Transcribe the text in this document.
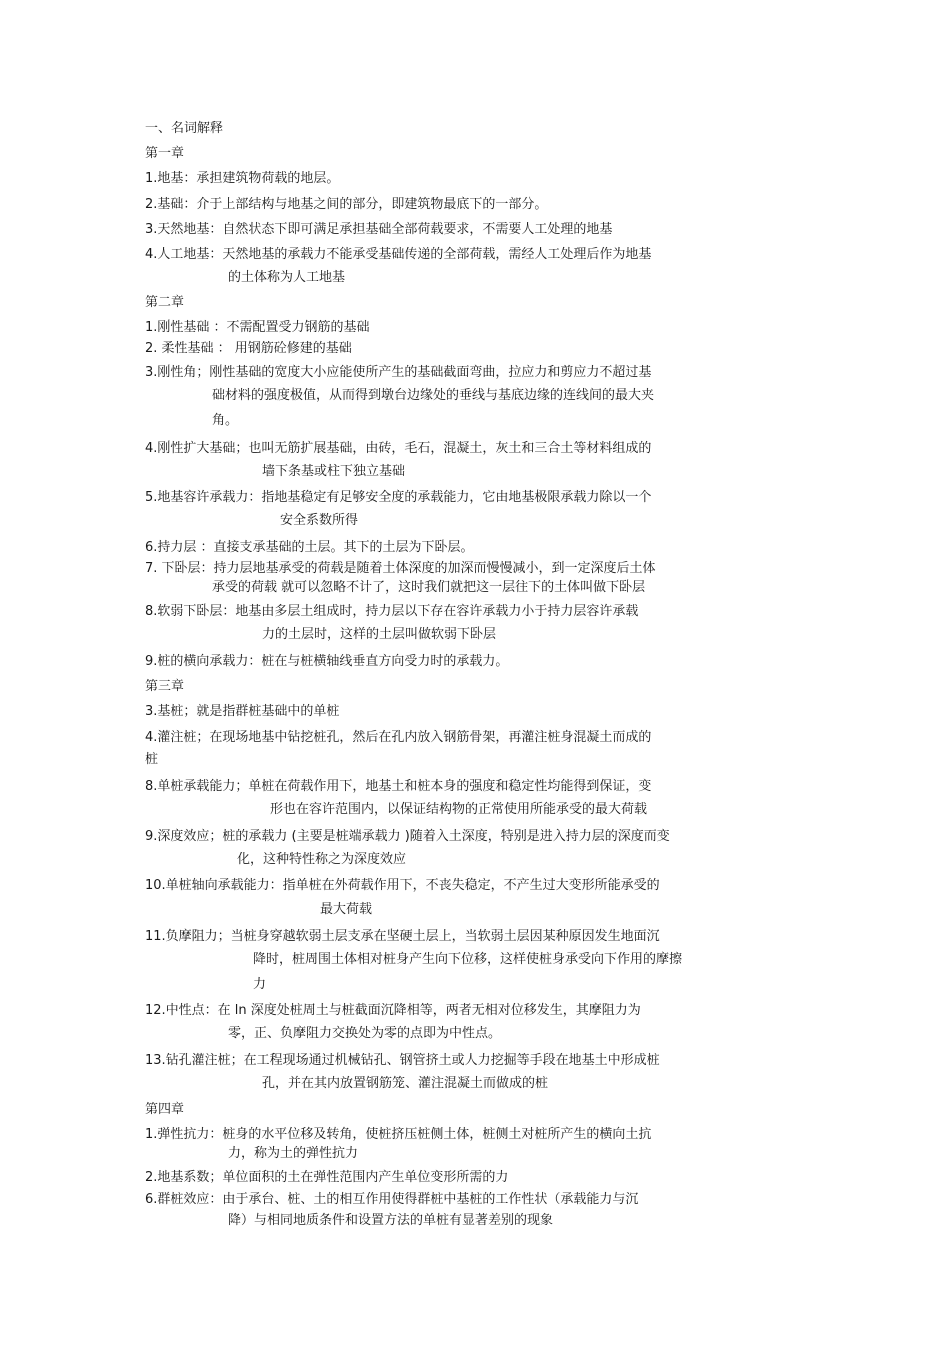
一、名词解释
第一章
1.地基：承担建筑物荷载的地层。
2.基础：介于上部结构与地基之间的部分，即建筑物最底下的一部分。
3.天然地基：自然状态下即可满足承担基础全部荷载要求，不需要人工处理的地基
4.人工地基：天然地基的承载力不能承受基础传递的全部荷载，需经人工处理后作为地基
的土体称为人工地基
第二章
1.刚性基础 ：不需配置受力钢筋的基础
2. 柔性基础 ： 用钢筋砼修建的基础
3.刚性角；刚性基础的宽度大小应能使所产生的基础截面弯曲，拉应力和剪应力不超过基
础材料的强度极值，从而得到墩台边缘处的垂线与基底边缘的连线间的最大夹
角。
4.刚性扩大基础；也叫无筋扩展基础，由砖，毛石，混凝土，灰土和三合土等材料组成的
墙下条基或柱下独立基础
5.地基容许承载力：指地基稳定有足够安全度的承载能力，它由地基极限承载力除以一个
安全系数所得
6.持力层 ：直接支承基础的土层。其下的土层为下卧层。
7. 下卧层：持力层地基承受的荷载是随着土体深度的加深而慢慢减小，到一定深度后土体
承受的荷载 就可以忽略不计了，这时我们就把这一层往下的土体叫做下卧层
8.软弱下卧层：地基由多层土组成时，持力层以下存在容许承载力小于持力层容许承载
力的土层时，这样的土层叫做软弱下卧层
9.桩的横向承载力：桩在与桩横轴线垂直方向受力时的承载力。
第三章
3.基桩；就是指群桩基础中的单桩
4.灌注桩；在现场地基中钻挖桩孔，然后在孔内放入钢筋骨架，再灌注桩身混凝土而成的
桩
8.单桩承载能力；单桩在荷载作用下，地基土和桩本身的强度和稳定性均能得到保证，变
形也在容许范围内，以保证结构物的正常使用所能承受的最大荷载
9.深度效应；桩的承载力 (主要是桩端承载力 )随着入土深度，特别是进入持力层的深度而变
化，这种特性称之为深度效应
10.单桩轴向承载能力：指单桩在外荷载作用下，不丧失稳定，不产生过大变形所能承受的
最大荷载
11.负摩阻力；当桩身穿越软弱土层支承在坚硬土层上，当软弱土层因某种原因发生地面沉
降时，桩周围土体相对桩身产生向下位移，这样使桩身承受向下作用的摩擦
力
12.中性点：在 ln 深度处桩周土与桩截面沉降相等，两者无相对位移发生，其摩阻力为
零，正、负摩阻力交换处为零的点即为中性点。
13.钻孔灌注桩；在工程现场通过机械钻孔、钢管挤土或人力挖掘等手段在地基土中形成桩
孔，并在其内放置钢筋笼、灌注混凝土而做成的桩
第四章
1.弹性抗力：桩身的水平位移及转角，使桩挤压桩侧土体，桩侧土对桩所产生的横向土抗
力，称为土的弹性抗力
2.地基系数；单位面积的土在弹性范围内产生单位变形所需的力
6.群桩效应：由于承台、桩、土的相互作用使得群桩中基桩的工作性状（承载能力与沉
降）与相同地质条件和设置方法的单桩有显著差别的现象
